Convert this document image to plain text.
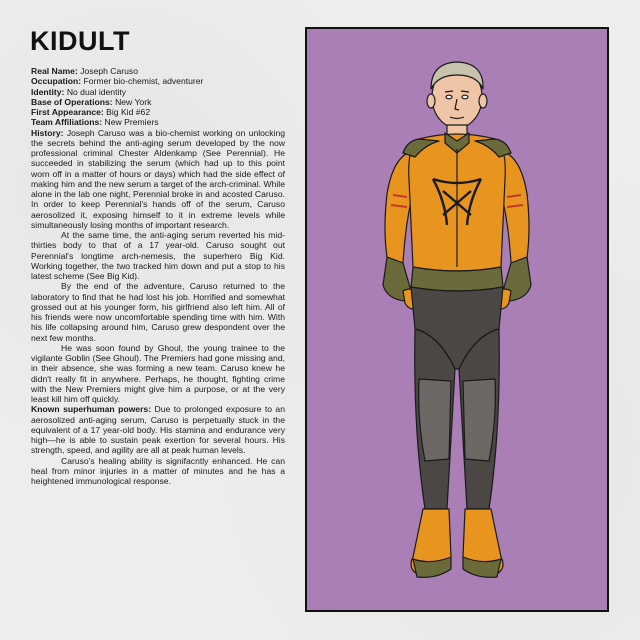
KIDULT

Real Name: Joseph Caruso

Occupation: Former bio-chemist, adventurer

Identity: No dual identity

Base of Operations: New York

First Appearance: Big Kid #62

Team Affiliations: New Premiers

History: Joseph Caruso was a bio-chemist working on unlocking the secrets behind the anti-aging serum developed by the now professional criminal Chester Aldenkamp (See Perennial). He succeeded in stabilizing the serum (which had up to this point worn off in a matter of hours or days) which had the side effect of making him and the new serum a target of the arch-criminal. While alone in the lab one night, Perennial broke in and acosted Caruso. In order to keep Perennial's hands off of the serum, Caruso aerosolized it, exposing himself to it in extreme levels while simultaneously losing months of important research.

At the same time, the anti-aging serum reverted his mid-thirties body to that of a 17 year-old. Caruso sought out Perennial's longtime arch-nemesis, the superhero Big Kid. Working together, the two tracked him down and put a stop to his latest scheme (See Big Kid).

By the end of the adventure, Caruso returned to the laboratory to find that he had lost his job. Horrified and somewhat grossed out at his younger form, his girlfriend also left him. All of his friends were now uncomfortable spending time with him. With his life collapsing around him, Caruso grew despondent over the next few months.

He was soon found by Ghoul, the young trainee to the vigilante Goblin (See Ghoul). The Premiers had gone missing and, in their absence, she was forming a new team. Caruso knew he didn't really fit in anywhere. Perhaps, he thought, fighting crime with the New Premiers might give him a purpose, or at the very least kill him off quickly.

Known superhuman powers: Due to prolonged exposure to an aerosolized anti-aging serum, Caruso is perpetually stuck in the equivalent of a 17 year-old body. His stamina and endurance very high—he is able to sustain peak exertion for several hours. His strength, speed, and agility are all at peak human levels.

Caruso's healing ability is signifacntly enhanced. He can heal from minor injuries in a matter of minutes and he has a heightened immunological response.
